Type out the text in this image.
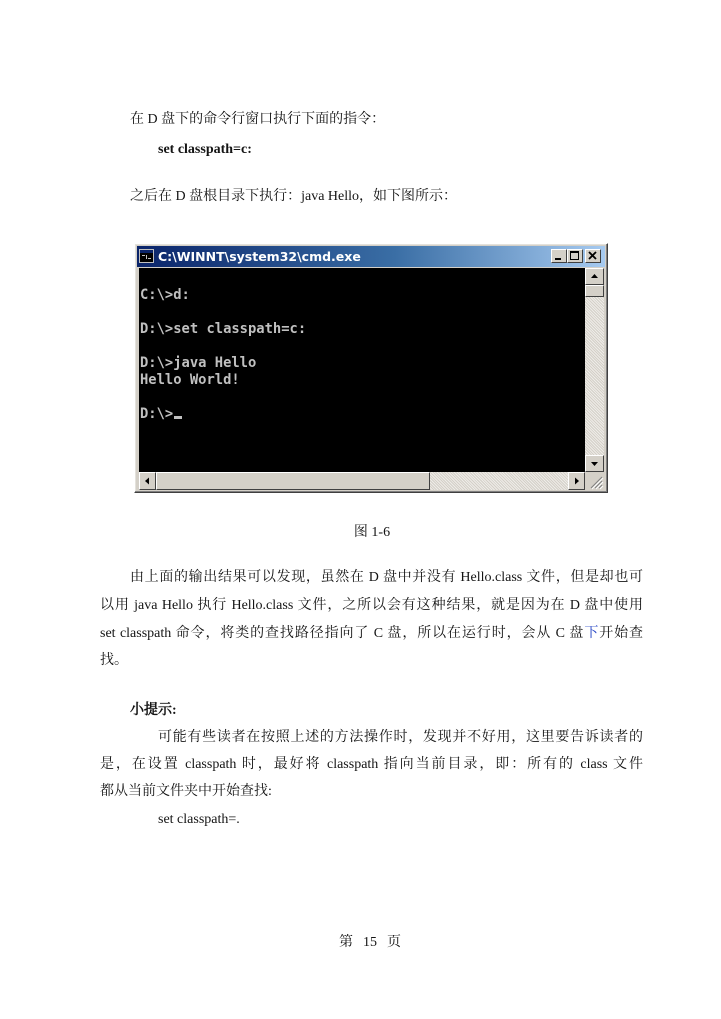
在 D 盘下的命令行窗口执行下面的指令：
set classpath=c:
之后在 D 盘根目录下执行：java Hello，如下图所示：
C:\WINNT\system32\cmd.exe

C:\>d:

D:\>set classpath=c:

D:\>java Hello
Hello World!

D:\>
图 1-6
由上面的输出结果可以发现，虽然在 D 盘中并没有 Hello.class 文件，但是却也可
以用 java Hello 执行 Hello.class 文件，之所以会有这种结果，就是因为在 D 盘中使用
set classpath 命令，将类的查找路径指向了 C 盘，所以在运行时，会从 C 盘下开始查
找。
小提示:
可能有些读者在按照上述的方法操作时，发现并不好用，这里要告诉读者的
是，在设置 classpath 时，最好将 classpath 指向当前目录，即：所有的 class 文件
都从当前文件夹中开始查找:
set classpath=.
第 15 页
